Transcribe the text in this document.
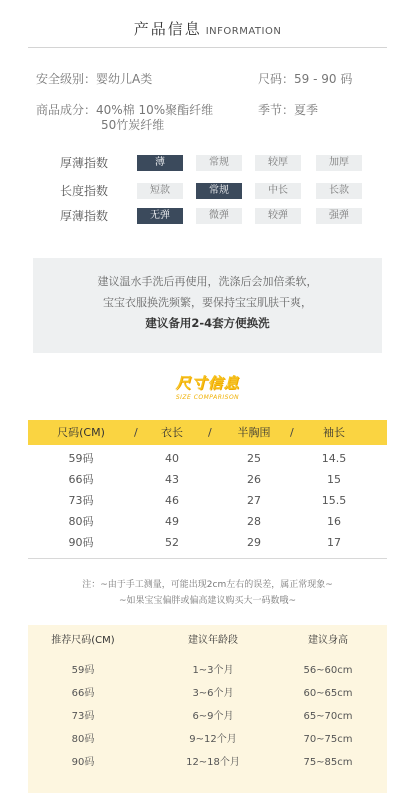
产品信息 INFORMATION
安全级别：婴幼儿A类	尺码：59 - 90 码
商品成分：40%棉 10%聚酯纤维
50竹炭纤维
季节：夏季
厚薄指数	薄	常规	较厚	加厚
长度指数	短款	常规	中长	长款
厚薄指数	无弹	微弹	较弹	强弹

建议温水手洗后再使用，洗涤后会加倍柔软，

宝宝衣服换洗频繁，要保持宝宝肌肤干爽，

建议备用2-4套方便换洗

尺寸信息
SIZE COMPARISON
尺码(CM)	/	衣长	/	半胸围	/	袖长
59码	40	25	14.5
66码	43	26	15
73码	46	27	15.5
80码	49	28	16
90码	52	29	17
注：~由于手工测量，可能出现2cm左右的误差，属正常现象~
~如果宝宝偏胖或偏高建议购买大一码数哦~
推荐尺码(CM)	建议年龄段	建议身高
59码	1~3个月	56~60cm
66码	3~6个月	60~65cm
73码	6~9个月	65~70cm
80码	9~12个月	70~75cm
90码	12~18个月	75~85cm
